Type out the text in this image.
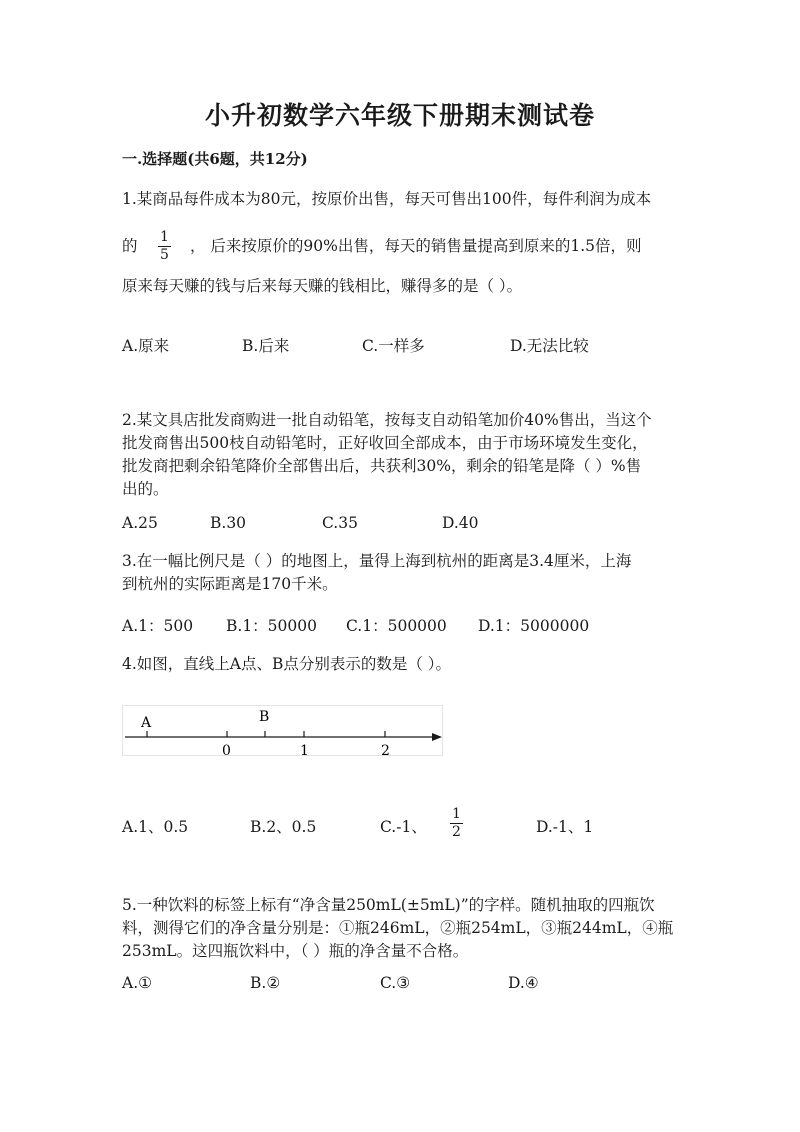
小升初数学六年级下册期末测试卷
一.选择题(共6题，共12分)
1.某商品每件成本为80元，按原价出售，每天可售出100件，每件利润为成本
的 $\frac{1}{5}$ ， 后来按原价的90%出售，每天的销售量提高到原来的1.5倍，则
原来每天赚的钱与后来每天赚的钱相比，赚得多的是（ ）。
A.原来	B.后来	C.一样多	D.无法比较
2.某文具店批发商购进一批自动铅笔，按每支自动铅笔加价40%售出，当这个
批发商售出500枝自动铅笔时，正好收回全部成本，由于市场环境发生变化，
批发商把剩余铅笔降价全部售出后，共获利30%，剩余的铅笔是降（ ）%售
出的。
A.25	B.30	C.35	D.40
3.在一幅比例尺是（ ）的地图上，量得上海到杭州的距离是3.4厘米，上海
到杭州的实际距离是170千米。
A.1：500 B.1：50000 C.1：500000 D.1：5000000
4.如图，直线上A点、B点分别表示的数是（ ）。
A	B
0	1	2
A.1、0.5	B.2、0.5	C.-1、 $\frac{1}{2}$	D.-1、1
5.一种饮料的标签上标有“净含量250mL(±5mL)”的字样。随机抽取的四瓶饮
料，测得它们的净含量分别是：①瓶246mL，②瓶254mL，③瓶244mL，④瓶
253mL。这四瓶饮料中，（ ）瓶的净含量不合格。
A.①	B.②	C.③	D.④
